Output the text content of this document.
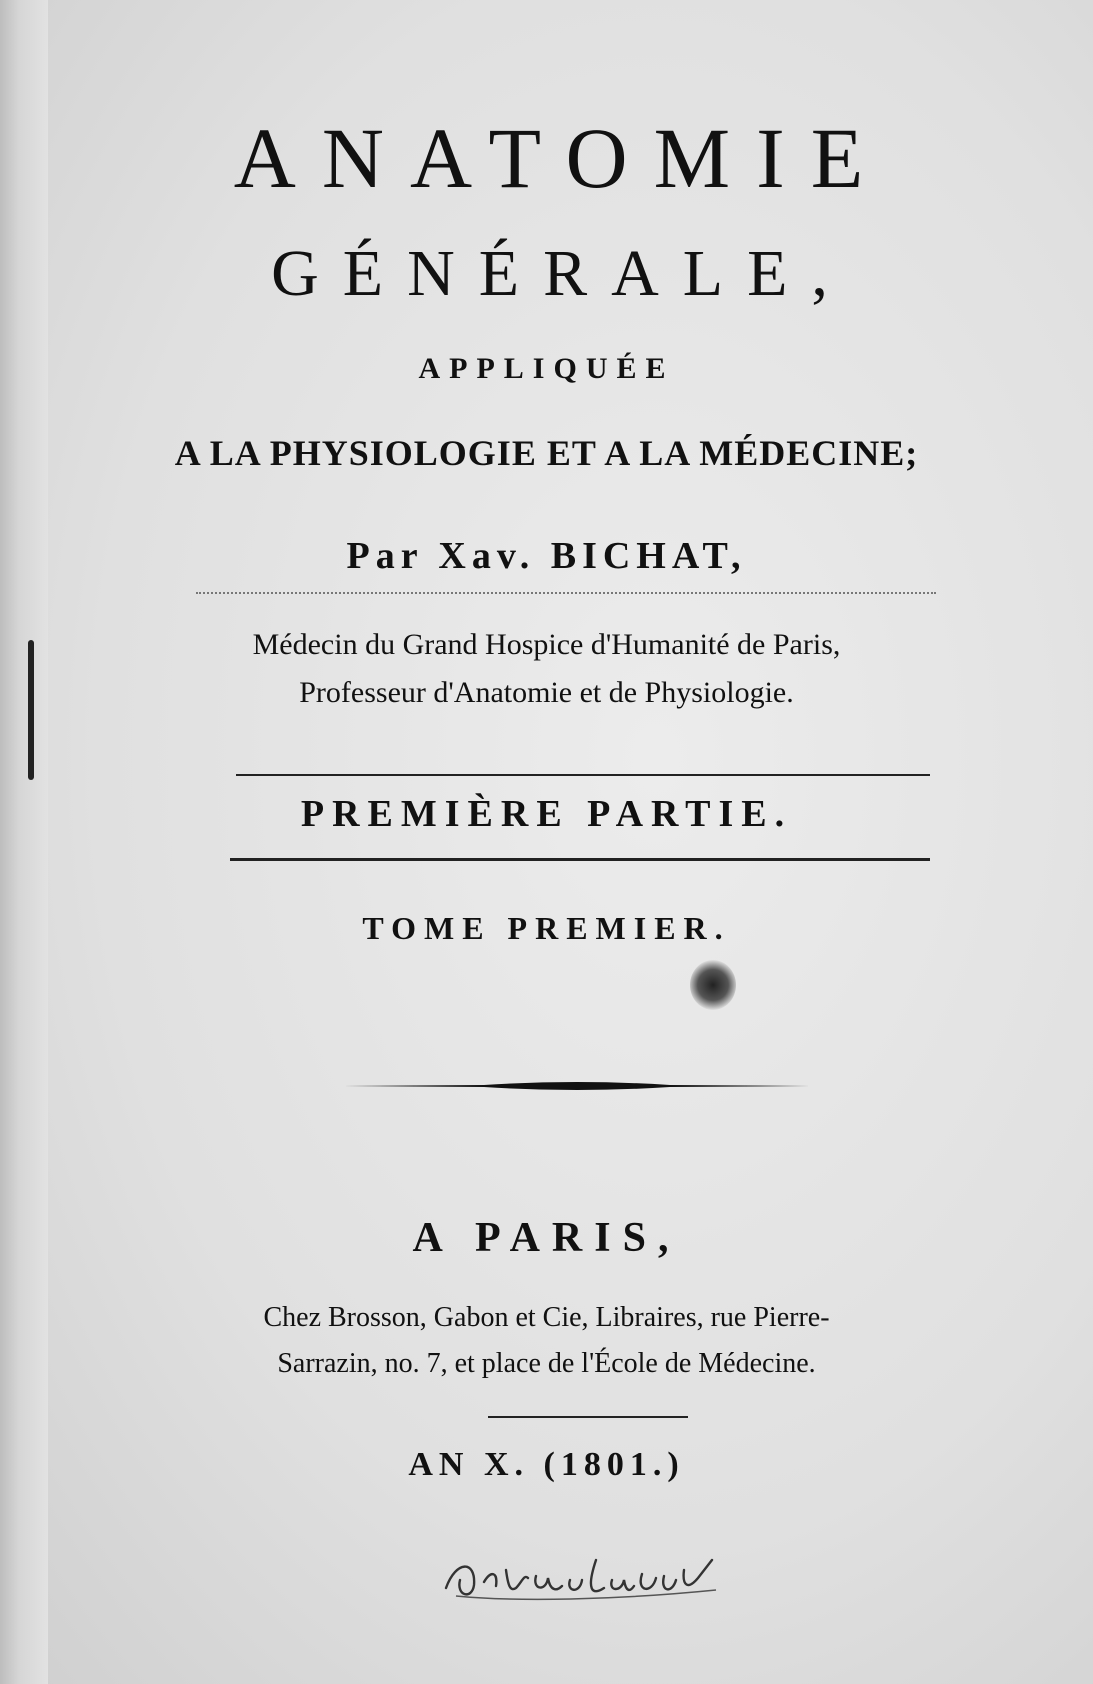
ANATOMIE
GÉNÉRALE,
APPLIQUÉE
A LA PHYSIOLOGIE ET A LA MÉDECINE;
Par Xav. BICHAT,
Médecin du Grand Hospice d'Humanité de Paris,
Professeur d'Anatomie et de Physiologie.
PREMIÈRE PARTIE.
TOME PREMIER.
A PARIS,
Chez Brosson, Gabon et Cie, Libraires, rue Pierre-
Sarrazin, no. 7, et place de l'École de Médecine.
AN X. (1801.)
